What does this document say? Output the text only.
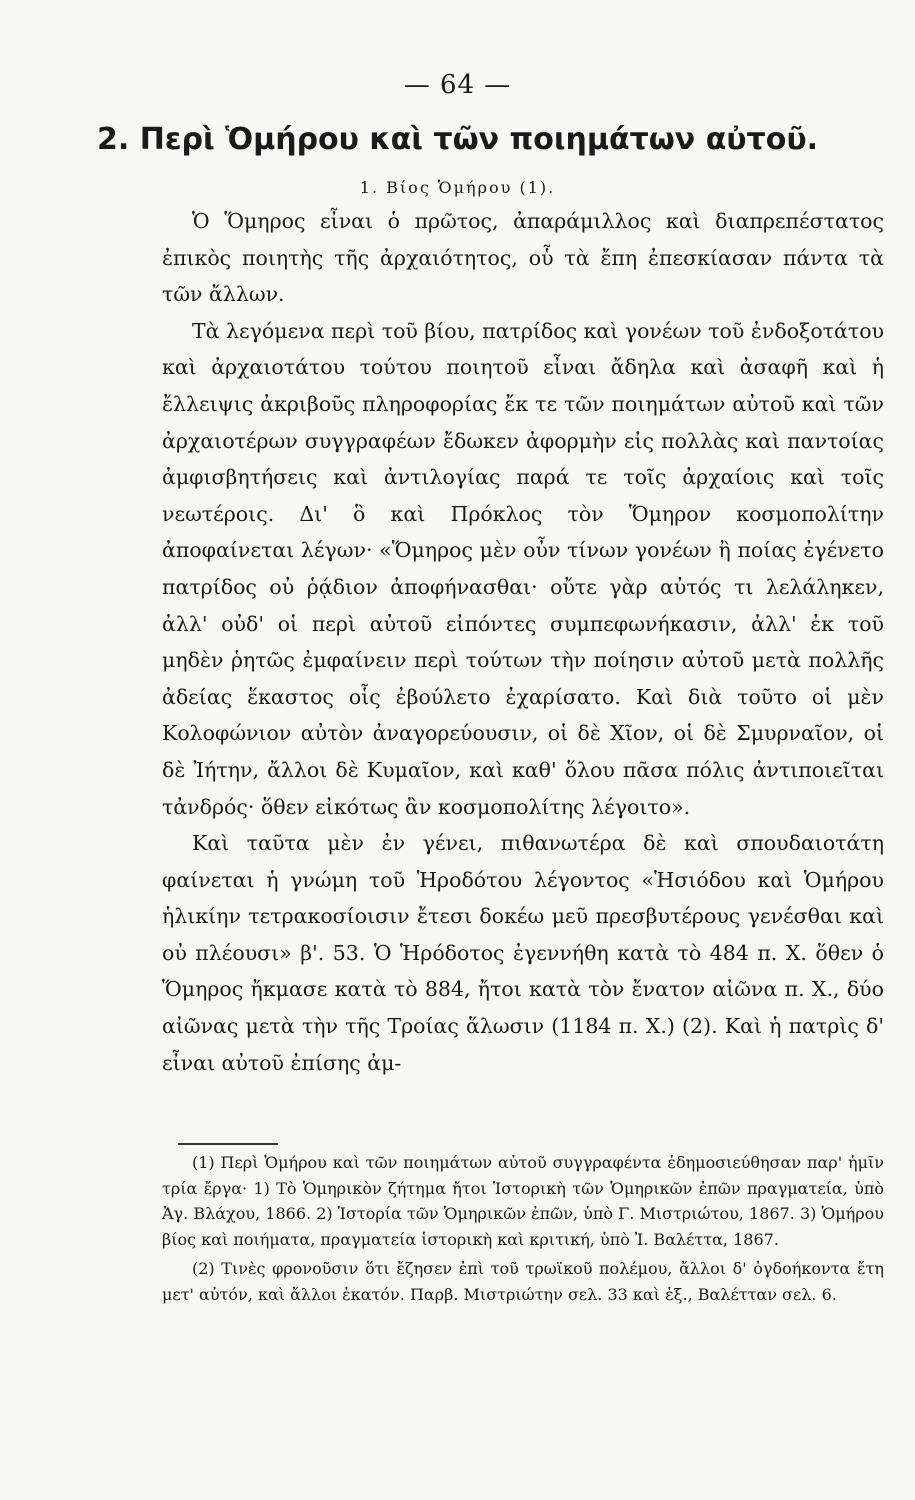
— 64 —
2. Περὶ Ὁμήρου καὶ τῶν ποιημάτων αὐτοῦ.
1. Βίος Ὁμήρου (1).

Ὁ Ὅμηρος εἶναι ὁ πρῶτος, ἀπαράμιλλος καὶ διαπρεπέστατος ἐπικὸς ποιητὴς τῆς ἀρχαιότητος, οὗ τὰ ἔπη ἐπεσκίασαν πάντα τὰ τῶν ἄλλων.

Τὰ λεγόμενα περὶ τοῦ βίου, πατρίδος καὶ γονέων τοῦ ἐνδοξοτάτου καὶ ἀρχαιοτάτου τούτου ποιητοῦ εἶναι ἄδηλα καὶ ἀσαφῆ καὶ ἡ ἔλλειψις ἀκριβοῦς πληροφορίας ἔκ τε τῶν ποιημάτων αὐτοῦ καὶ τῶν ἀρχαιοτέρων συγγραφέων ἔδωκεν ἀφορμὴν εἰς πολλὰς καὶ παντοίας ἀμφισβητήσεις καὶ ἀντιλογίας παρά τε τοῖς ἀρχαίοις καὶ τοῖς νεωτέροις. Δι' ὃ καὶ Πρόκλος τὸν Ὅμηρον κοσμοπολίτην ἀποφαίνεται λέγων· «Ὅμηρος μὲν οὖν τίνων γονέων ἢ ποίας ἐγένετο πατρίδος οὐ ῥᾴδιον ἀποφήνασθαι· οὔτε γὰρ αὐτός τι λελάληκεν, ἀλλ' οὐδ' οἱ περὶ αὐτοῦ εἰπόντες συμπεφωνήκασιν, ἀλλ' ἐκ τοῦ μηδὲν ῥητῶς ἐμφαίνειν περὶ τούτων τὴν ποίησιν αὐτοῦ μετὰ πολλῆς ἀδείας ἕκαστος οἷς ἐβούλετο ἐχαρίσατο. Καὶ διὰ τοῦτο οἱ μὲν Κολοφώνιον αὐτὸν ἀναγορεύουσιν, οἱ δὲ Χῖον, οἱ δὲ Σμυρναῖον, οἱ δὲ Ἰήτην, ἄλλοι δὲ Κυμαῖον, καὶ καθ' ὅλου πᾶσα πόλις ἀντιποιεῖται τἀνδρός· ὅθεν εἰκότως ἂν κοσμοπολίτης λέγοιτο».

Καὶ ταῦτα μὲν ἐν γένει, πιθανωτέρα δὲ καὶ σπουδαιοτάτη φαίνεται ἡ γνώμη τοῦ Ἡροδότου λέγοντος «Ἡσιόδου καὶ Ὁμήρου ἡλικίην τετρακοσίοισιν ἔτεσι δοκέω μεῦ πρεσβυτέρους γενέσθαι καὶ οὐ πλέουσι» β'. 53. Ὁ Ἡρόδοτος ἐγεννήθη κατὰ τὸ 484 π. Χ. ὅθεν ὁ Ὅμηρος ἤκμασε κατὰ τὸ 884, ἤτοι κατὰ τὸν ἔνατον αἰῶνα π. Χ., δύο αἰῶνας μετὰ τὴν τῆς Τροίας ἅλωσιν (1184 π. Χ.) (2). Καὶ ἡ πατρὶς δ' εἶναι αὐτοῦ ἐπίσης ἀμ-

(1) Περὶ Ὁμήρου καὶ τῶν ποιημάτων αὐτοῦ συγγραφέντα ἐδημοσιεύθησαν παρ' ἡμῖν τρία ἔργα· 1) Τὸ Ὁμηρικὸν ζήτημα ἤτοι Ἱστορικὴ τῶν Ὁμηρικῶν ἐπῶν πραγματεία, ὑπὸ Ἀγ. Βλάχου, 1866. 2) Ἱστορία τῶν Ὁμηρικῶν ἐπῶν, ὑπὸ Γ. Μιστριώτου, 1867. 3) Ὁμήρου βίος καὶ ποιήματα, πραγματεία ἱστορικὴ καὶ κριτική, ὑπὸ Ἰ. Βαλέττα, 1867.

(2) Τινὲς φρονοῦσιν ὅτι ἔζησεν ἐπὶ τοῦ τρωϊκοῦ πολέμου, ἄλλοι δ' ὀγδοήκοντα ἔτη μετ' αὐτόν, καὶ ἄλλοι ἑκατόν. Παρβ. Μιστριώτην σελ. 33 καὶ ἑξ., Βαλέτταν σελ. 6.
